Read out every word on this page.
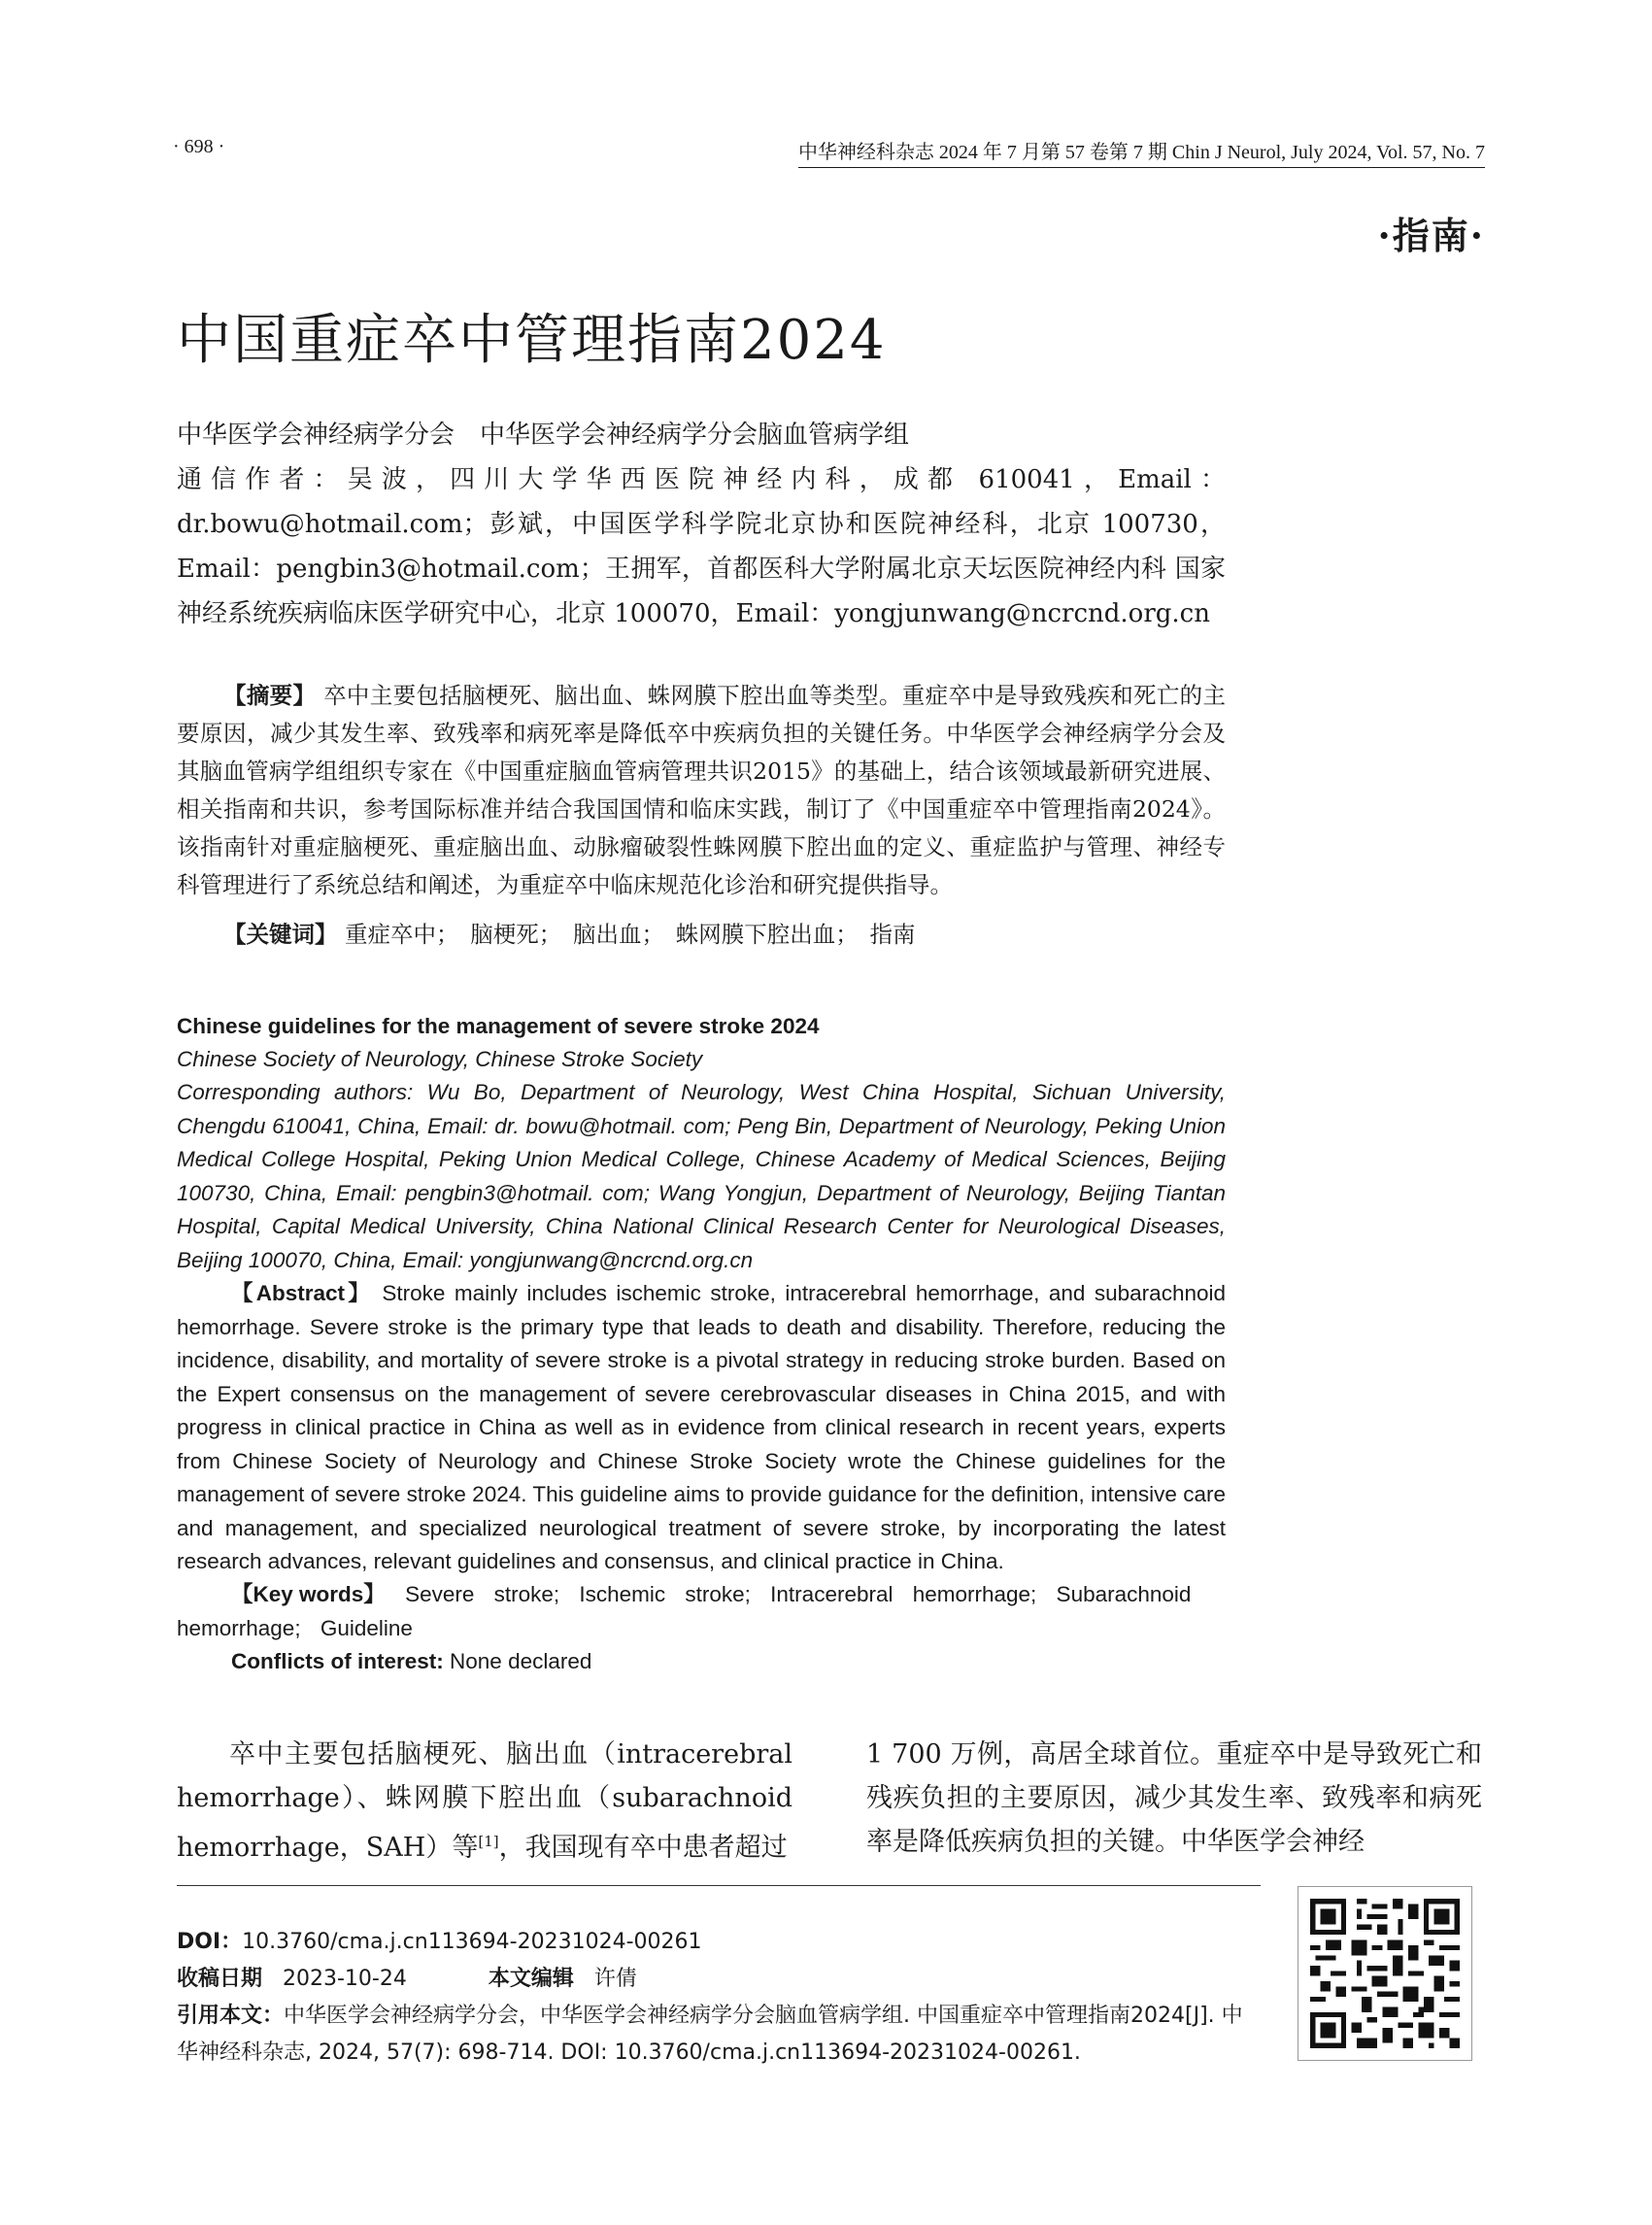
· 698 ·	中华神经科杂志 2024 年 7 月第 57 卷第 7 期 Chin J Neurol, July 2024, Vol. 57, No. 7
·指南·
中国重症卒中管理指南2024
中华医学会神经病学分会　中华医学会神经病学分会脑血管病学组
通信作者：吴波，四川大学华西医院神经内科，成都 610041，Email：dr.bowu@hotmail.com；彭斌，中国医学科学院北京协和医院神经科，北京 100730，Email：pengbin3@hotmail.com；王拥军，首都医科大学附属北京天坛医院神经内科 国家神经系统疾病临床医学研究中心，北京 100070，Email：yongjunwang@ncrcnd.org.cn
【摘要】 卒中主要包括脑梗死、脑出血、蛛网膜下腔出血等类型。重症卒中是导致残疾和死亡的主要原因，减少其发生率、致残率和病死率是降低卒中疾病负担的关键任务。中华医学会神经病学分会及其脑血管病学组组织专家在《中国重症脑血管病管理共识2015》的基础上，结合该领域最新研究进展、相关指南和共识，参考国际标准并结合我国国情和临床实践，制订了《中国重症卒中管理指南2024》。该指南针对重症脑梗死、重症脑出血、动脉瘤破裂性蛛网膜下腔出血的定义、重症监护与管理、神经专科管理进行了系统总结和阐述，为重症卒中临床规范化诊治和研究提供指导。
【关键词】 重症卒中；　脑梗死；　脑出血；　蛛网膜下腔出血；　指南
Chinese guidelines for the management of severe stroke 2024
Chinese Society of Neurology, Chinese Stroke Society
Corresponding authors: Wu Bo, Department of Neurology, West China Hospital, Sichuan University, Chengdu 610041, China, Email: dr. bowu@hotmail. com; Peng Bin, Department of Neurology, Peking Union Medical College Hospital, Peking Union Medical College, Chinese Academy of Medical Sciences, Beijing 100730, China, Email: pengbin3@hotmail. com; Wang Yongjun, Department of Neurology, Beijing Tiantan Hospital, Capital Medical University, China National Clinical Research Center for Neurological Diseases, Beijing 100070, China, Email: yongjunwang@ncrcnd.org.cn
【Abstract】 Stroke mainly includes ischemic stroke, intracerebral hemorrhage, and subarachnoid hemorrhage. Severe stroke is the primary type that leads to death and disability. Therefore, reducing the incidence, disability, and mortality of severe stroke is a pivotal strategy in reducing stroke burden. Based on the Expert consensus on the management of severe cerebrovascular diseases in China 2015, and with progress in clinical practice in China as well as in evidence from clinical research in recent years, experts from Chinese Society of Neurology and Chinese Stroke Society wrote the Chinese guidelines for the management of severe stroke 2024. This guideline aims to provide guidance for the definition, intensive care and management, and specialized neurological treatment of severe stroke, by incorporating the latest research advances, relevant guidelines and consensus, and clinical practice in China.
【Key words】 Severe stroke; Ischemic stroke; Intracerebral hemorrhage; Subarachnoid hemorrhage; Guideline
Conflicts of interest: None declared
卒中主要包括脑梗死、脑出血（intracerebral hemorrhage）、蛛网膜下腔出血（subarachnoid hemorrhage，SAH）等[1]，我国现有卒中患者超过
1 700 万例，高居全球首位。重症卒中是导致死亡和残疾负担的主要原因，减少其发生率、致残率和病死率是降低疾病负担的关键。中华医学会神经
DOI：10.3760/cma.j.cn113694-20231024-00261
收稿日期 2023-10-24	本文编辑 许倩
引用本文：中华医学会神经病学分会，中华医学会神经病学分会脑血管病学组. 中国重症卒中管理指南2024[J]. 中华神经科杂志, 2024, 57(7): 698-714. DOI: 10.3760/cma.j.cn113694-20231024-00261.
